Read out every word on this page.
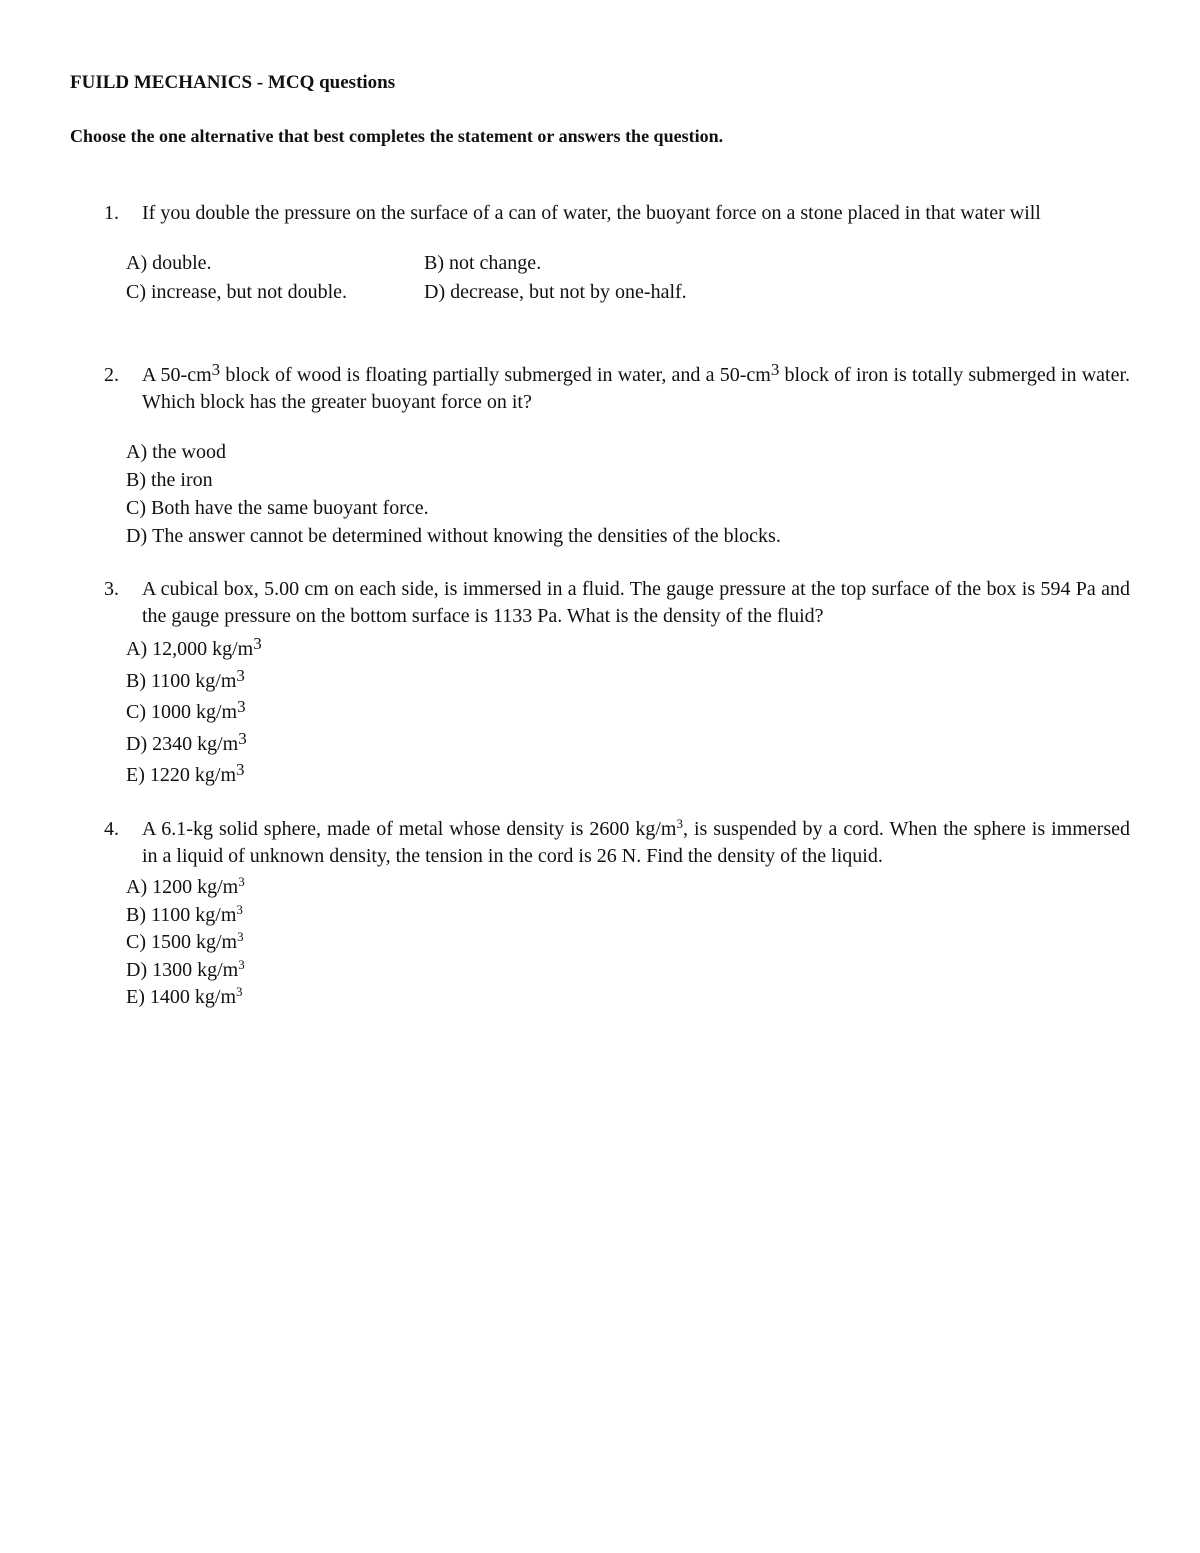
FUILD MECHANICS - MCQ questions

Choose the one alternative that best completes the statement or answers the question.

1. If you double the pressure on the surface of a can of water, the buoyant force on a stone placed in that water will
A) double.	B) not change.
C) increase, but not double.	D) decrease, but not by one-half.
2. A $50-cm^3$ block of wood is floating partially submerged in water, and a $50-cm^3$ block of iron is totally submerged in water. Which block has the greater buoyant force on it?
A) the wood
B) the iron
C) Both have the same buoyant force.
D) The answer cannot be determined without knowing the densities of the blocks.
3. A cubical box, 5.00 cm on each side, is immersed in a fluid. The gauge pressure at the top surface of the box is 594 Pa and the gauge pressure on the bottom surface is 1133 Pa. What is the density of the fluid?
A) 12,000 $kg/m^3$
B) 1100 $kg/m^3$
C) 1000 $kg/m^3$
D) 2340 $kg/m^3$
E) 1220 $kg/m^3$
4. A 6.1-kg solid sphere, made of metal whose density is 2600 $kg/m^3$, is suspended by a cord. When the sphere is immersed in a liquid of unknown density, the tension in the cord is 26 N. Find the density of the liquid.
A) 1200 $kg/m^3$
B) 1100 $kg/m^3$
C) 1500 $kg/m^3$
D) 1300 $kg/m^3$
E) 1400 $kg/m^3$
